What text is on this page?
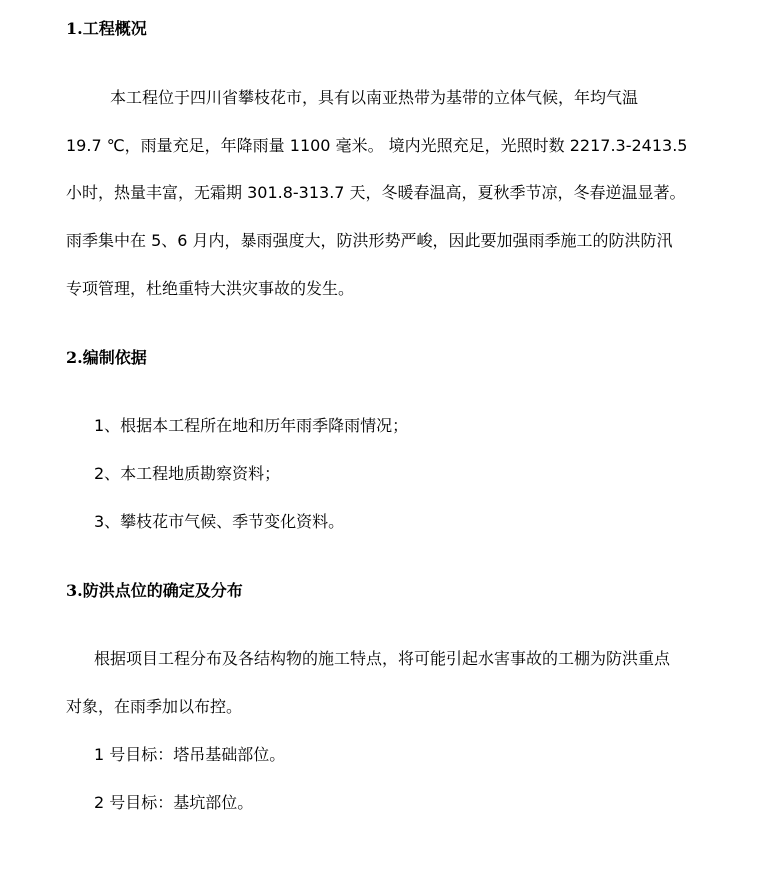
1.工程概况
本工程位于四川省攀枝花市，具有以南亚热带为基带的立体气候，年均气温
19.7 ℃，雨量充足，年降雨量 1100 毫米。 境内光照充足，光照时数 2217.3-2413.5
小时，热量丰富，无霜期 301.8-313.7 天，冬暖春温高，夏秋季节凉，冬春逆温显著。
雨季集中在 5、6 月内，暴雨强度大，防洪形势严峻，因此要加强雨季施工的防洪防汛
专项管理，杜绝重特大洪灾事故的发生。
2.编制依据
1、根据本工程所在地和历年雨季降雨情况；
2、本工程地质勘察资料；
3、攀枝花市气候、季节变化资料。
3.防洪点位的确定及分布
根据项目工程分布及各结构物的施工特点，将可能引起水害事故的工棚为防洪重点
对象，在雨季加以布控。
1 号目标：塔吊基础部位。
2 号目标：基坑部位。
